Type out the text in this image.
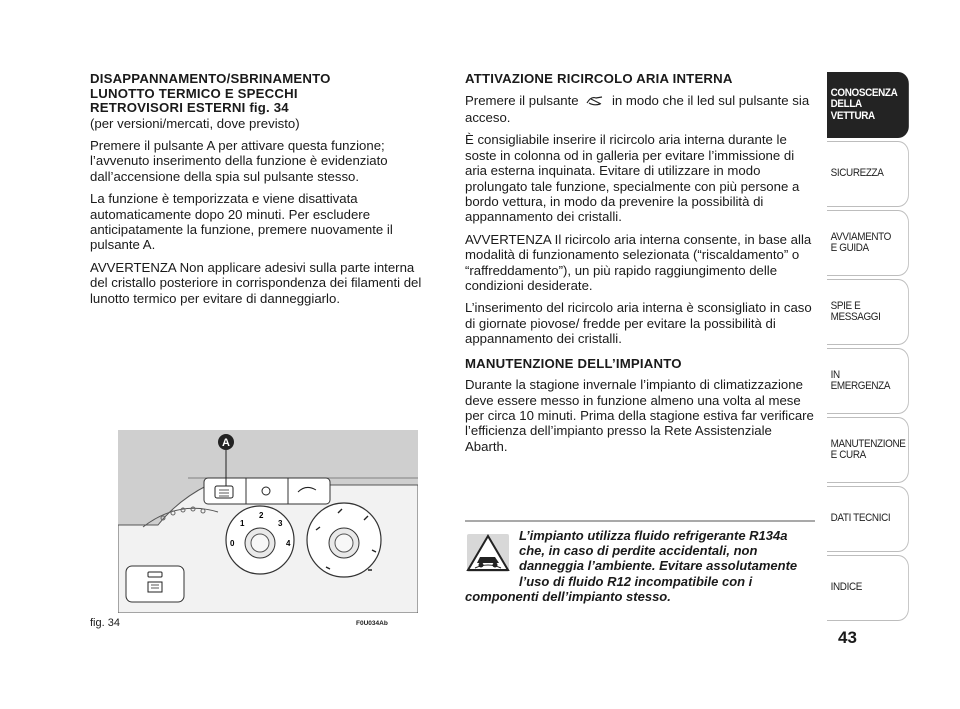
DISAPPANNAMENTO/SBRINAMENTO
LUNOTTO TERMICO E SPECCHI
RETROVISORI ESTERNI fig. 34

(per versioni/mercati, dove previsto)

Premere il pulsante A per attivare questa funzione; l’avvenuto inserimento della funzione è evidenziato dall’accensione della spia sul pulsante stesso.

La funzione è temporizzata e viene disattivata automaticamente dopo 20 minuti. Per escludere anticipatamente la funzione, premere nuovamente il pulsante A.

AVVERTENZA Non applicare adesivi sulla parte interna del cristallo posteriore in corrispondenza dei filamenti del lunotto termico per evitare di danneggiarlo.

ATTIVAZIONE RICIRCOLO ARIA INTERNA

Premere il pulsante	in modo che il led sul pulsante sia acceso.

È consigliabile inserire il ricircolo aria interna durante le soste in colonna od in galleria per evitare l’immissione di aria esterna inquinata. Evitare di utilizzare in modo prolungato tale funzione, specialmente con più persone a bordo vettura, in modo da prevenire la possibilità di appannamento dei cristalli.

AVVERTENZA Il ricircolo aria interna consente, in base alla modalità di funzionamento selezionata (“riscaldamento” o “raffreddamento”), un più rapido raggiungimento delle condizioni desiderate.

L’inserimento del ricircolo aria interna è sconsigliato in caso di giornate piovose/ fredde per evitare la possibilità di appannamento dei cristalli.

MANUTENZIONE DELL’IMPIANTO

Durante la stagione invernale l’impianto di climatizzazione deve essere messo in funzione almeno una volta al mese per circa 10 minuti. Prima della stagione estiva far verificare l’efficienza dell’impianto presso la Rete Assistenziale Abarth.

A
0
1
2
3
4
fig. 34	F0U034Ab
L’impianto utilizza fluido refrigerante R134a che, in caso di perdite accidentali, non danneggia l’ambiente. Evitare assolutamente l’uso di fluido R12 incompatibile con i componenti dell’impianto stesso.
CONOSCENZA DELLA VETTURA
SICUREZZA
AVVIAMENTO E GUIDA
SPIE E MESSAGGI
IN EMERGENZA
MANUTENZIONE E CURA
DATI TECNICI
INDICE
43
